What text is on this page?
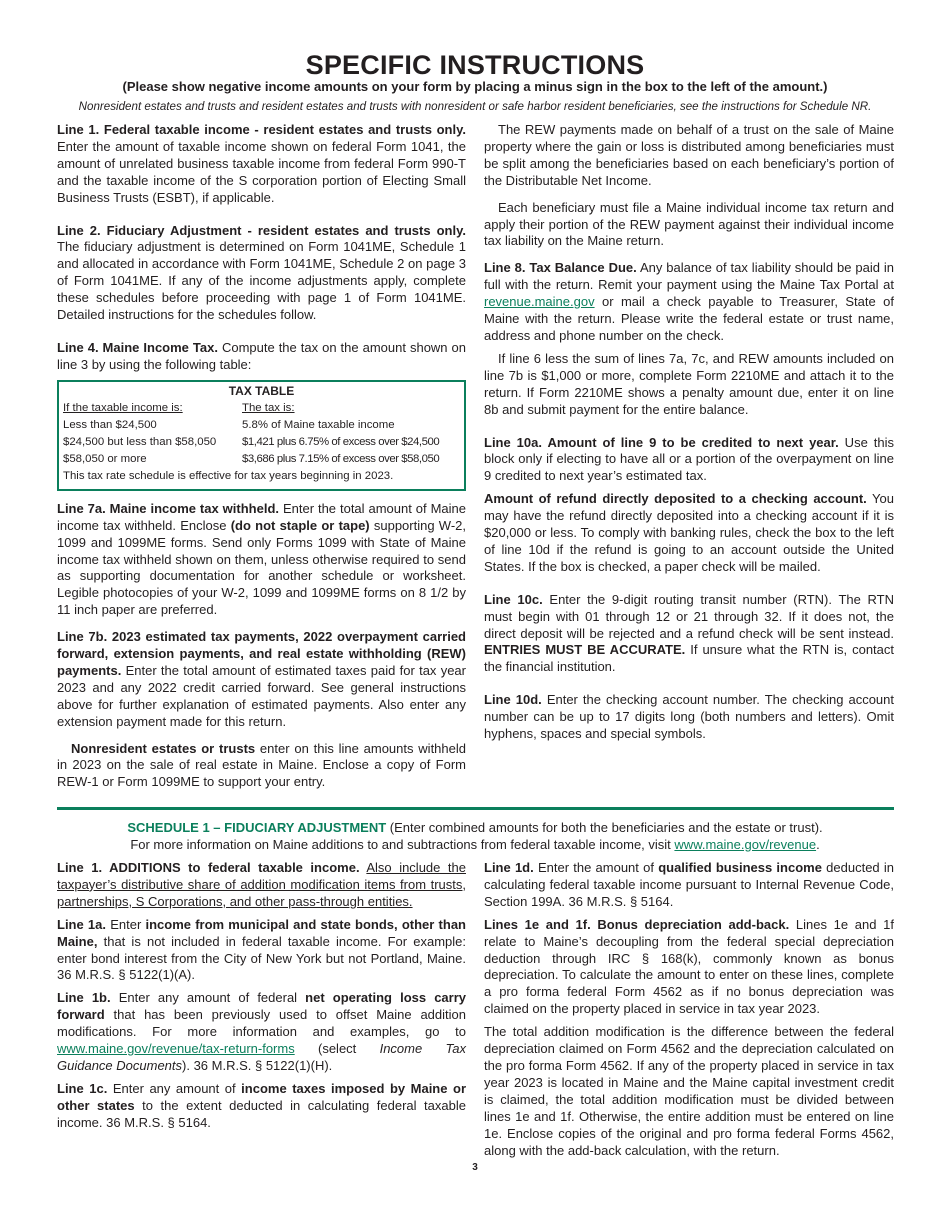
SPECIFIC INSTRUCTIONS
(Please show negative income amounts on your form by placing a minus sign in the box to the left of the amount.)
Nonresident estates and trusts and resident estates and trusts with nonresident or safe harbor resident beneficiaries, see the instructions for Schedule NR.

Line 1. Federal taxable income - resident estates and trusts only. Enter the amount of taxable income shown on federal Form 1041, the amount of unrelated business taxable income from federal Form 990-T and the taxable income of the S corporation portion of Electing Small Business Trusts (ESBT), if applicable.

Line 2. Fiduciary Adjustment - resident estates and trusts only. The fiduciary adjustment is determined on Form 1041ME, Schedule 1 and allocated in accordance with Form 1041ME, Schedule 2 on page 3 of Form 1041ME. If any of the income adjustments apply, complete these schedules before proceeding with page 1 of Form 1041ME. Detailed instructions for the schedules follow.

Line 4. Maine Income Tax. Compute the tax on the amount shown on line 3 by using the following table:

TAX TABLE
If the taxable income is:	The tax is:
Less than $24,500	5.8% of Maine taxable income
$24,500 but less than $58,050	$1,421 plus 6.75% of excess over $24,500
$58,050 or more	$3,686 plus 7.15% of excess over $58,050
This tax rate schedule is effective for tax years beginning in 2023.

Line 7a. Maine income tax withheld. Enter the total amount of Maine income tax withheld. Enclose (do not staple or tape) supporting W-2, 1099 and 1099ME forms. Send only Forms 1099 with State of Maine income tax withheld shown on them, unless otherwise required to send as supporting documentation for another schedule or worksheet. Legible photocopies of your W-2, 1099 and 1099ME forms on 8 1/2 by 11 inch paper are preferred.

Line 7b. 2023 estimated tax payments, 2022 overpayment carried forward, extension payments, and real estate withholding (REW) payments. Enter the total amount of estimated taxes paid for tax year 2023 and any 2022 credit carried forward. See general instructions above for further explanation of estimated payments. Also enter any extension payment made for this return.

Nonresident estates or trusts enter on this line amounts withheld in 2023 on the sale of real estate in Maine. Enclose a copy of Form REW-1 or Form 1099ME to support your entry.

The REW payments made on behalf of a trust on the sale of Maine property where the gain or loss is distributed among beneficiaries must be split among the beneficiaries based on each beneficiary’s portion of the Distributable Net Income.

Each beneficiary must file a Maine individual income tax return and apply their portion of the REW payment against their individual income tax liability on the Maine return.

Line 8. Tax Balance Due. Any balance of tax liability should be paid in full with the return. Remit your payment using the Maine Tax Portal at revenue.maine.gov or mail a check payable to Treasurer, State of Maine with the return. Please write the federal estate or trust name, address and phone number on the check.

If line 6 less the sum of lines 7a, 7c, and REW amounts included on line 7b is $1,000 or more, complete Form 2210ME and attach it to the return. If Form 2210ME shows a penalty amount due, enter it on line 8b and submit payment for the entire balance.

Line 10a. Amount of line 9 to be credited to next year. Use this block only if electing to have all or a portion of the overpayment on line 9 credited to next year’s estimated tax.

Amount of refund directly deposited to a checking account. You may have the refund directly deposited into a checking account if it is $20,000 or less. To comply with banking rules, check the box to the left of line 10d if the refund is going to an account outside the United States. If the box is checked, a paper check will be mailed.

Line 10c. Enter the 9-digit routing transit number (RTN). The RTN must begin with 01 through 12 or 21 through 32. If it does not, the direct deposit will be rejected and a refund check will be sent instead. ENTRIES MUST BE ACCURATE. If unsure what the RTN is, contact the financial institution.

Line 10d. Enter the checking account number. The checking account number can be up to 17 digits long (both numbers and letters). Omit hyphens, spaces and special symbols.

SCHEDULE 1 – FIDUCIARY ADJUSTMENT (Enter combined amounts for both the beneficiaries and the estate or trust).
For more information on Maine additions to and subtractions from federal taxable income, visit www.maine.gov/revenue.

Line 1. ADDITIONS to federal taxable income. Also include the taxpayer’s distributive share of addition modification items from trusts, partnerships, S Corporations, and other pass-through entities.

Line 1a. Enter income from municipal and state bonds, other than Maine, that is not included in federal taxable income. For example: enter bond interest from the City of New York but not Portland, Maine. 36 M.R.S. § 5122(1)(A).

Line 1b. Enter any amount of federal net operating loss carry forward that has been previously used to offset Maine addition modifications. For more information and examples, go to www.maine.gov/revenue/tax-return-forms (select Income Tax Guidance Documents). 36 M.R.S. § 5122(1)(H).

Line 1c. Enter any amount of income taxes imposed by Maine or other states to the extent deducted in calculating federal taxable income. 36 M.R.S. § 5164.

Line 1d. Enter the amount of qualified business income deducted in calculating federal taxable income pursuant to Internal Revenue Code, Section 199A. 36 M.R.S. § 5164.

Lines 1e and 1f. Bonus depreciation add-back. Lines 1e and 1f relate to Maine’s decoupling from the federal special depreciation deduction through IRC § 168(k), commonly known as bonus depreciation. To calculate the amount to enter on these lines, complete a pro forma federal Form 4562 as if no bonus depreciation was claimed on the property placed in service in tax year 2023.

The total addition modification is the difference between the federal depreciation claimed on Form 4562 and the depreciation calculated on the pro forma Form 4562. If any of the property placed in service in tax year 2023 is located in Maine and the Maine capital investment credit is claimed, the total addition modification must be divided between lines 1e and 1f. Otherwise, the entire addition must be entered on line 1e. Enclose copies of the original and pro forma federal Forms 4562, along with the add-back calculation, with the return.

3
